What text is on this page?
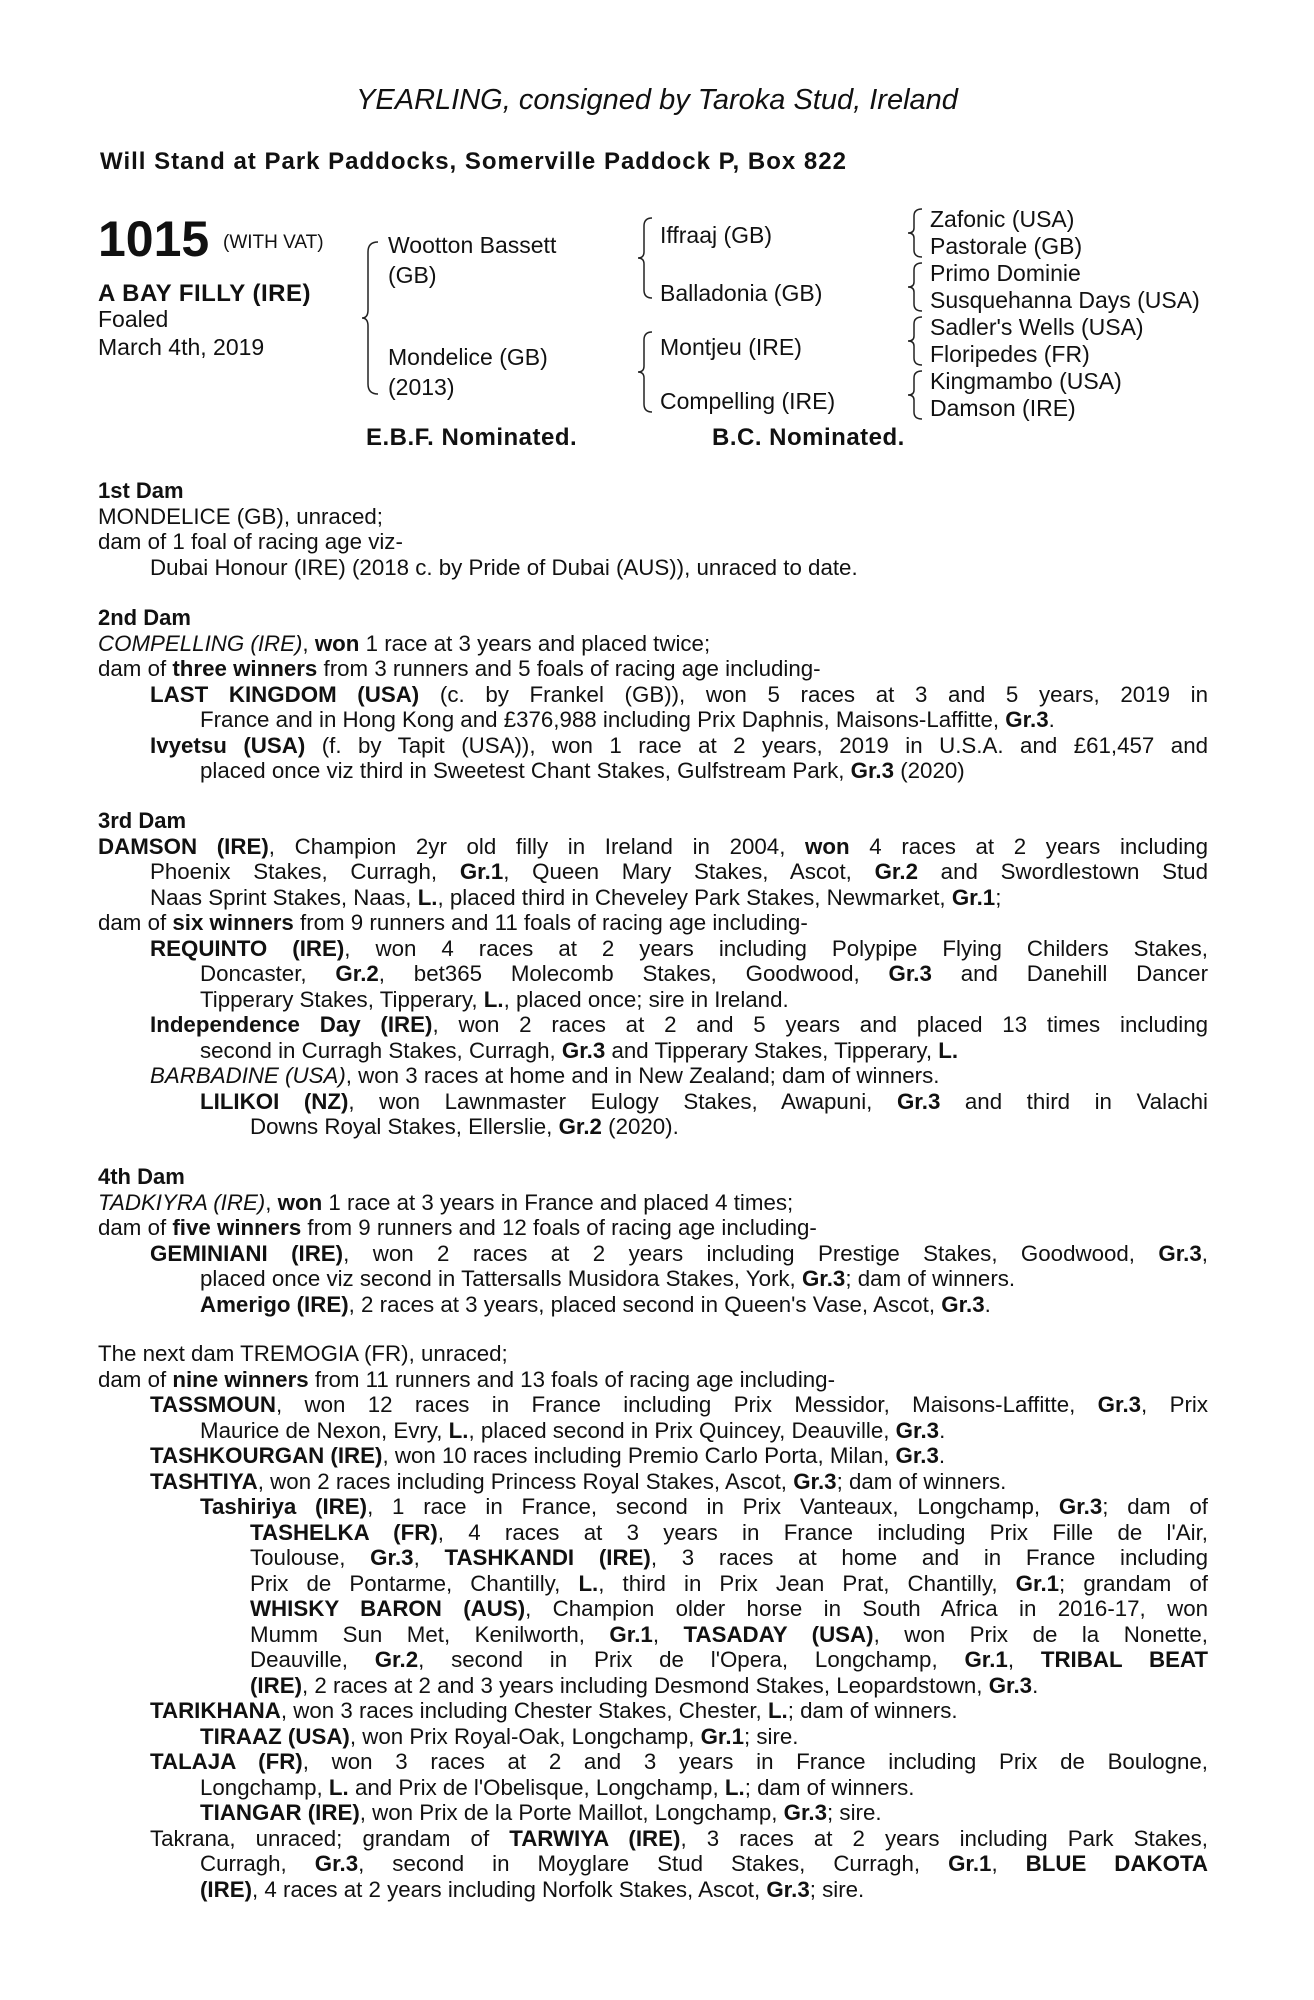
YEARLING, consigned by Taroka Stud, Ireland
Will Stand at Park Paddocks, Somerville Paddock P, Box 822
1015 (WITH VAT)
A BAY FILLY (IRE)
Foaled
March 4th, 2019
Wootton Bassett
(GB)
Mondelice (GB)
(2013)
Iffraaj (GB)
Balladonia (GB)
Montjeu (IRE)
Compelling (IRE)
Zafonic (USA)
Pastorale (GB)
Primo Dominie
Susquehanna Days (USA)
Sadler's Wells (USA)
Floripedes (FR)
Kingmambo (USA)
Damson (IRE)
E.B.F. Nominated.	B.C. Nominated.
1st Dam
MONDELICE (GB), unraced;
dam of 1 foal of racing age viz-
Dubai Honour (IRE) (2018 c. by Pride of Dubai (AUS)), unraced to date.
2nd Dam
COMPELLING (IRE), won 1 race at 3 years and placed twice;
dam of three winners from 3 runners and 5 foals of racing age including-
LAST KINGDOM (USA) (c. by Frankel (GB)), won 5 races at 3 and 5 years, 2019 in
France and in Hong Kong and £376,988 including Prix Daphnis, Maisons-Laffitte, Gr.3.
Ivyetsu (USA) (f. by Tapit (USA)), won 1 race at 2 years, 2019 in U.S.A. and £61,457 and
placed once viz third in Sweetest Chant Stakes, Gulfstream Park, Gr.3 (2020)
3rd Dam
DAMSON (IRE), Champion 2yr old filly in Ireland in 2004, won 4 races at 2 years including
Phoenix Stakes, Curragh, Gr.1, Queen Mary Stakes, Ascot, Gr.2 and Swordlestown Stud
Naas Sprint Stakes, Naas, L., placed third in Cheveley Park Stakes, Newmarket, Gr.1;
dam of six winners from 9 runners and 11 foals of racing age including-
REQUINTO (IRE), won 4 races at 2 years including Polypipe Flying Childers Stakes,
Doncaster, Gr.2, bet365 Molecomb Stakes, Goodwood, Gr.3 and Danehill Dancer
Tipperary Stakes, Tipperary, L., placed once; sire in Ireland.
Independence Day (IRE), won 2 races at 2 and 5 years and placed 13 times including
second in Curragh Stakes, Curragh, Gr.3 and Tipperary Stakes, Tipperary, L.
BARBADINE (USA), won 3 races at home and in New Zealand; dam of winners.
LILIKOI (NZ), won Lawnmaster Eulogy Stakes, Awapuni, Gr.3 and third in Valachi
Downs Royal Stakes, Ellerslie, Gr.2 (2020).
4th Dam
TADKIYRA (IRE), won 1 race at 3 years in France and placed 4 times;
dam of five winners from 9 runners and 12 foals of racing age including-
GEMINIANI (IRE), won 2 races at 2 years including Prestige Stakes, Goodwood, Gr.3,
placed once viz second in Tattersalls Musidora Stakes, York, Gr.3; dam of winners.
Amerigo (IRE), 2 races at 3 years, placed second in Queen's Vase, Ascot, Gr.3.
The next dam TREMOGIA (FR), unraced;
dam of nine winners from 11 runners and 13 foals of racing age including-
TASSMOUN, won 12 races in France including Prix Messidor, Maisons-Laffitte, Gr.3, Prix
Maurice de Nexon, Evry, L., placed second in Prix Quincey, Deauville, Gr.3.
TASHKOURGAN (IRE), won 10 races including Premio Carlo Porta, Milan, Gr.3.
TASHTIYA, won 2 races including Princess Royal Stakes, Ascot, Gr.3; dam of winners.
Tashiriya (IRE), 1 race in France, second in Prix Vanteaux, Longchamp, Gr.3; dam of
TASHELKA (FR), 4 races at 3 years in France including Prix Fille de l'Air,
Toulouse, Gr.3, TASHKANDI (IRE), 3 races at home and in France including
Prix de Pontarme, Chantilly, L., third in Prix Jean Prat, Chantilly, Gr.1; grandam of
WHISKY BARON (AUS), Champion older horse in South Africa in 2016-17, won
Mumm Sun Met, Kenilworth, Gr.1, TASADAY (USA), won Prix de la Nonette,
Deauville, Gr.2, second in Prix de l'Opera, Longchamp, Gr.1, TRIBAL BEAT
(IRE), 2 races at 2 and 3 years including Desmond Stakes, Leopardstown, Gr.3.
TARIKHANA, won 3 races including Chester Stakes, Chester, L.; dam of winners.
TIRAAZ (USA), won Prix Royal-Oak, Longchamp, Gr.1; sire.
TALAJA (FR), won 3 races at 2 and 3 years in France including Prix de Boulogne,
Longchamp, L. and Prix de l'Obelisque, Longchamp, L.; dam of winners.
TIANGAR (IRE), won Prix de la Porte Maillot, Longchamp, Gr.3; sire.
Takrana, unraced; grandam of TARWIYA (IRE), 3 races at 2 years including Park Stakes,
Curragh, Gr.3, second in Moyglare Stud Stakes, Curragh, Gr.1, BLUE DAKOTA
(IRE), 4 races at 2 years including Norfolk Stakes, Ascot, Gr.3; sire.
